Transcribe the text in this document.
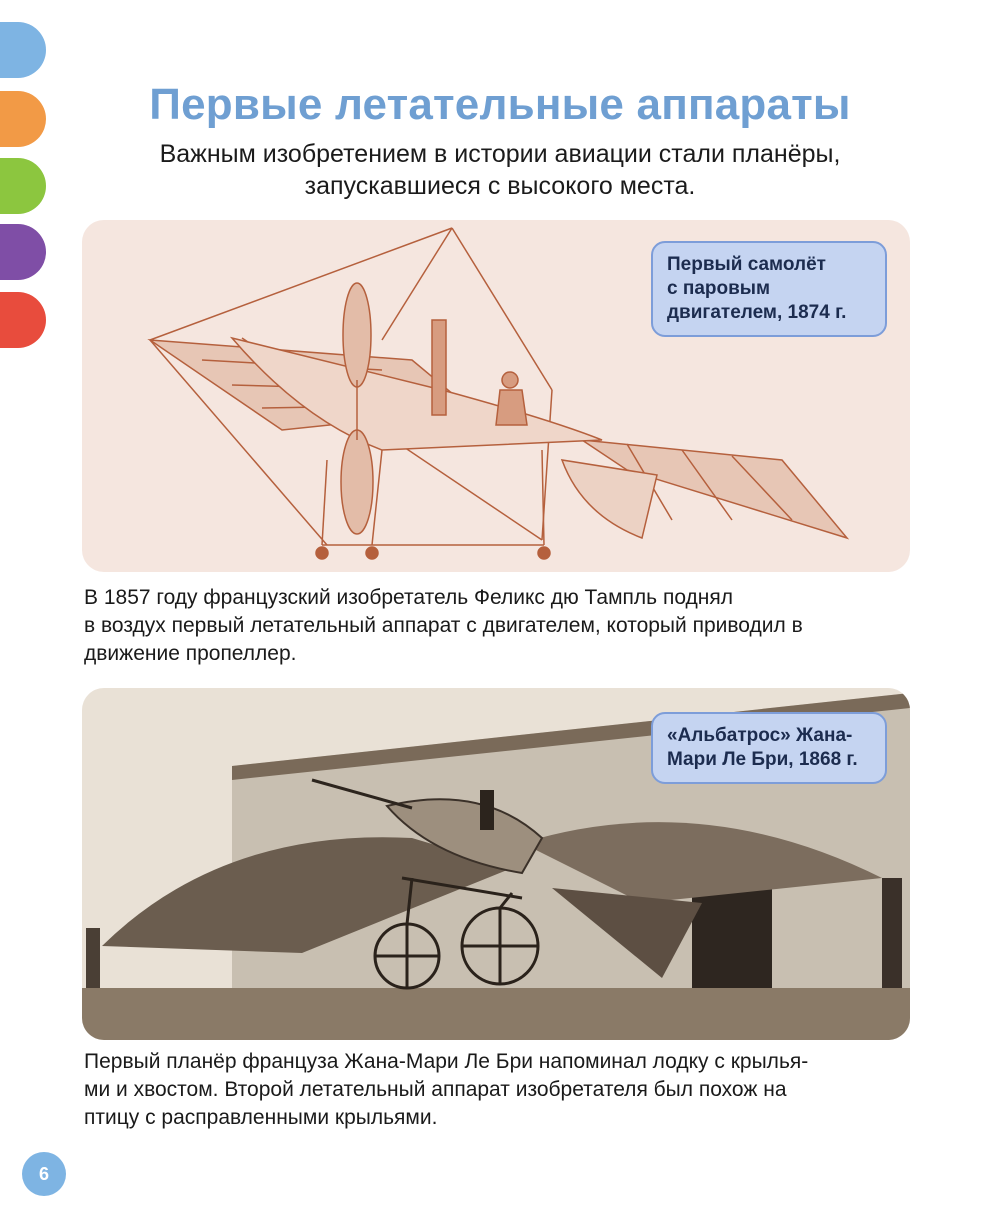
Первые летательные аппараты
Важным изобретением в истории авиации стали планёры,
запускавшиеся с высокого места.
Первый самолёт
с паровым
двигателем, 1874 г.
В 1857 году французский изобретатель Феликс дю Тампль поднял
в воздух первый летательный аппарат с двигателем, который приводил в
движение пропеллер.
«Альбатрос» Жана-
Мари Ле Бри, 1868 г.
Первый планёр француза Жана-Мари Ле Бри напоминал лодку с крылья-
ми и хвостом. Второй летательный аппарат изобретателя был похож на
птицу с расправленными крыльями.
6
